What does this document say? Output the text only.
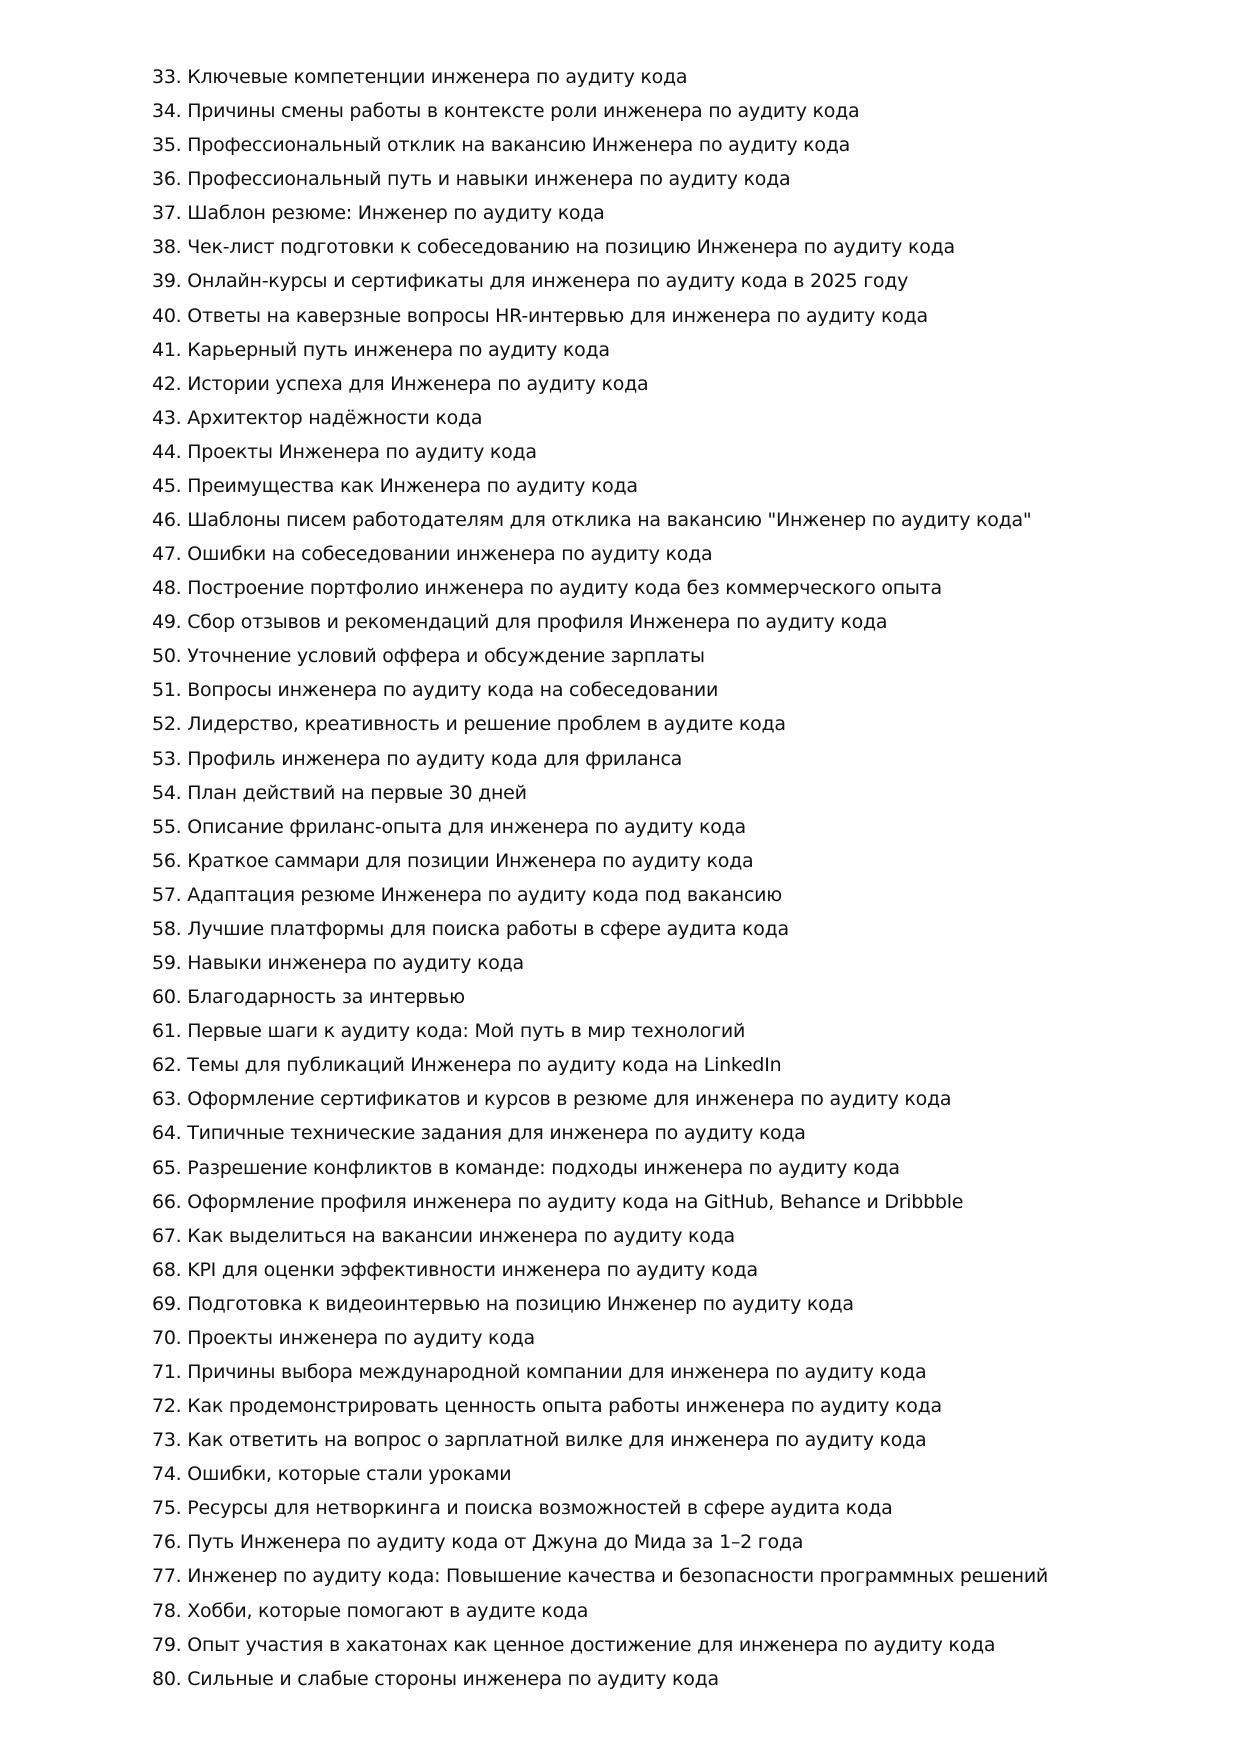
33. Ключевые компетенции инженера по аудиту кода
34. Причины смены работы в контексте роли инженера по аудиту кода
35. Профессиональный отклик на вакансию Инженера по аудиту кода
36. Профессиональный путь и навыки инженера по аудиту кода
37. Шаблон резюме: Инженер по аудиту кода
38. Чек-лист подготовки к собеседованию на позицию Инженера по аудиту кода
39. Онлайн-курсы и сертификаты для инженера по аудиту кода в 2025 году
40. Ответы на каверзные вопросы HR-интервью для инженера по аудиту кода
41. Карьерный путь инженера по аудиту кода
42. Истории успеха для Инженера по аудиту кода
43. Архитектор надёжности кода
44. Проекты Инженера по аудиту кода
45. Преимущества как Инженера по аудиту кода
46. Шаблоны писем работодателям для отклика на вакансию "Инженер по аудиту кода"
47. Ошибки на собеседовании инженера по аудиту кода
48. Построение портфолио инженера по аудиту кода без коммерческого опыта
49. Сбор отзывов и рекомендаций для профиля Инженера по аудиту кода
50. Уточнение условий оффера и обсуждение зарплаты
51. Вопросы инженера по аудиту кода на собеседовании
52. Лидерство, креативность и решение проблем в аудите кода
53. Профиль инженера по аудиту кода для фриланса
54. План действий на первые 30 дней
55. Описание фриланс-опыта для инженера по аудиту кода
56. Краткое саммари для позиции Инженера по аудиту кода
57. Адаптация резюме Инженера по аудиту кода под вакансию
58. Лучшие платформы для поиска работы в сфере аудита кода
59. Навыки инженера по аудиту кода
60. Благодарность за интервью
61. Первые шаги к аудиту кода: Мой путь в мир технологий
62. Темы для публикаций Инженера по аудиту кода на LinkedIn
63. Оформление сертификатов и курсов в резюме для инженера по аудиту кода
64. Типичные технические задания для инженера по аудиту кода
65. Разрешение конфликтов в команде: подходы инженера по аудиту кода
66. Оформление профиля инженера по аудиту кода на GitHub, Behance и Dribbble
67. Как выделиться на вакансии инженера по аудиту кода
68. KPI для оценки эффективности инженера по аудиту кода
69. Подготовка к видеоинтервью на позицию Инженер по аудиту кода
70. Проекты инженера по аудиту кода
71. Причины выбора международной компании для инженера по аудиту кода
72. Как продемонстрировать ценность опыта работы инженера по аудиту кода
73. Как ответить на вопрос о зарплатной вилке для инженера по аудиту кода
74. Ошибки, которые стали уроками
75. Ресурсы для нетворкинга и поиска возможностей в сфере аудита кода
76. Путь Инженера по аудиту кода от Джуна до Мида за 1–2 года
77. Инженер по аудиту кода: Повышение качества и безопасности программных решений
78. Хобби, которые помогают в аудите кода
79. Опыт участия в хакатонах как ценное достижение для инженера по аудиту кода
80. Сильные и слабые стороны инженера по аудиту кода
